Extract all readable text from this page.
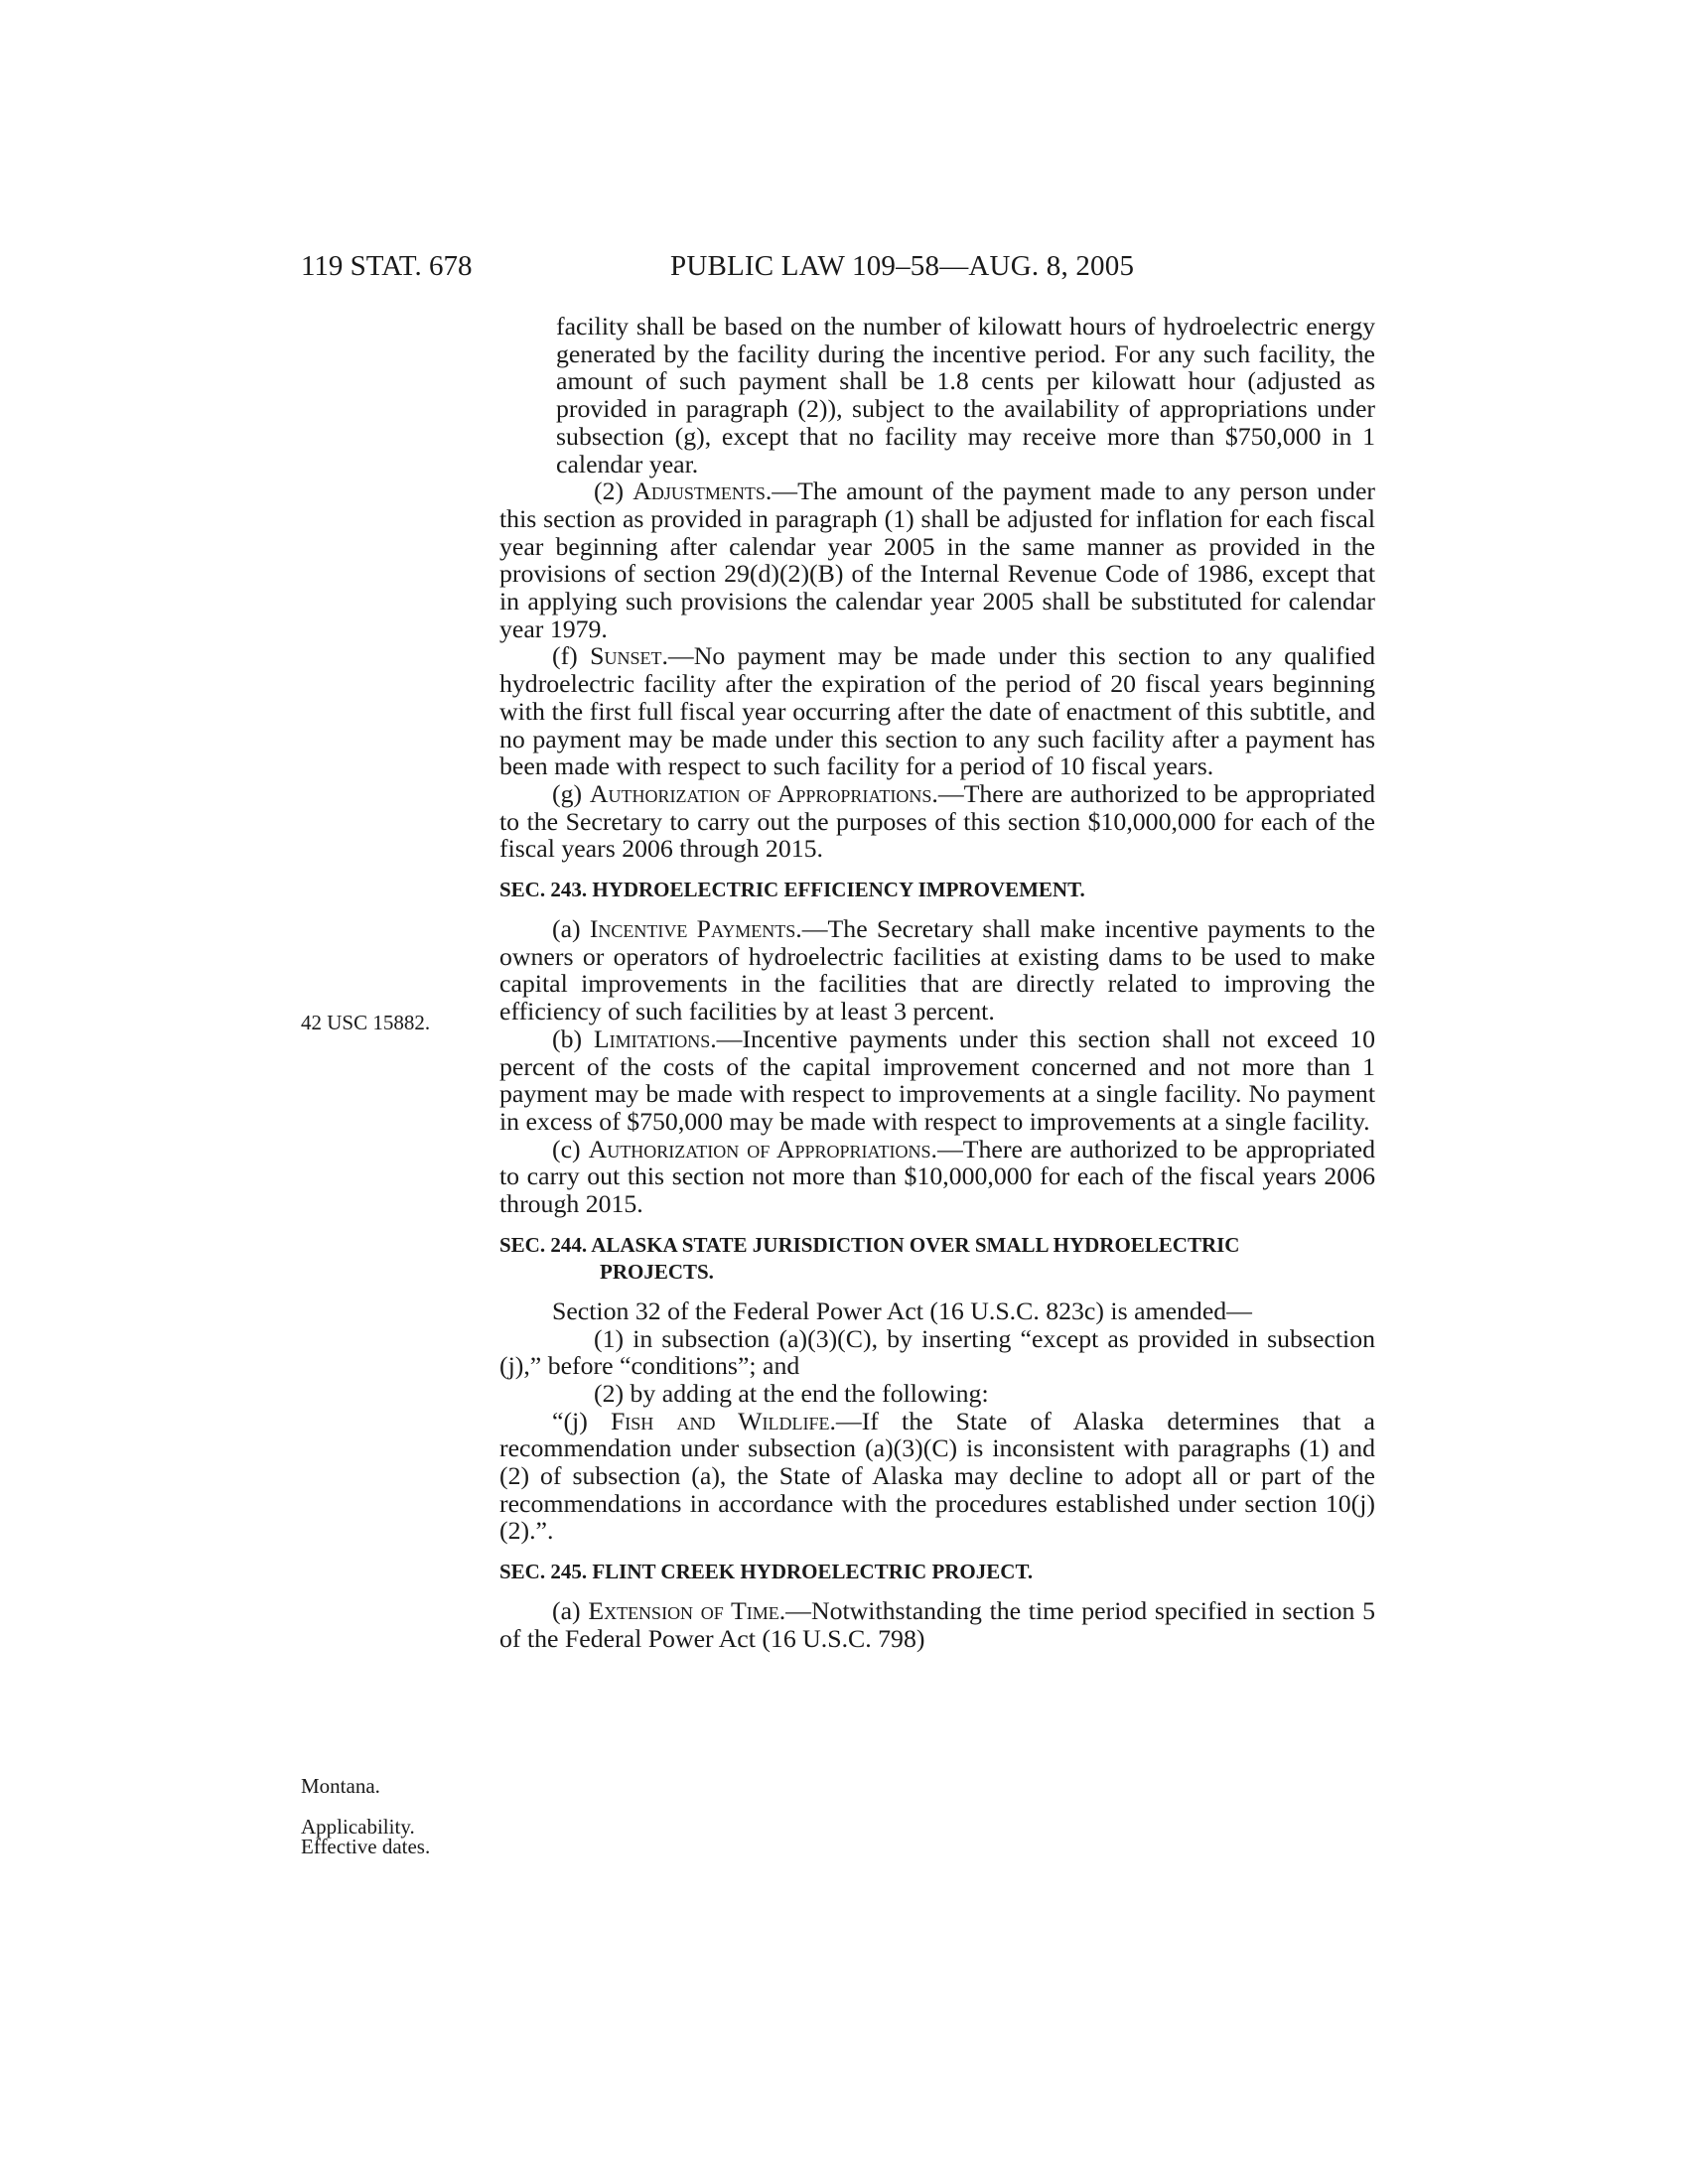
119 STAT. 678	PUBLIC LAW 109–58—AUG. 8, 2005
42 USC 15882.
Montana.
Applicability.
Effective dates.

facility shall be based on the number of kilowatt hours of hydroelectric energy generated by the facility during the incentive period. For any such facility, the amount of such payment shall be 1.8 cents per kilowatt hour (adjusted as provided in paragraph (2)), subject to the availability of appropriations under subsection (g), except that no facility may receive more than $750,000 in 1 calendar year.

(2) Adjustments.—The amount of the payment made to any person under this section as provided in paragraph (1) shall be adjusted for inflation for each fiscal year beginning after calendar year 2005 in the same manner as provided in the provisions of section 29(d)(2)(B) of the Internal Revenue Code of 1986, except that in applying such provisions the calendar year 2005 shall be substituted for calendar year 1979.

(f) Sunset.—No payment may be made under this section to any qualified hydroelectric facility after the expiration of the period of 20 fiscal years beginning with the first full fiscal year occurring after the date of enactment of this subtitle, and no payment may be made under this section to any such facility after a payment has been made with respect to such facility for a period of 10 fiscal years.

(g) Authorization of Appropriations.—There are authorized to be appropriated to the Secretary to carry out the purposes of this section $10,000,000 for each of the fiscal years 2006 through 2015.

SEC. 243. HYDROELECTRIC EFFICIENCY IMPROVEMENT.

(a) Incentive Payments.—The Secretary shall make incentive payments to the owners or operators of hydroelectric facilities at existing dams to be used to make capital improvements in the facilities that are directly related to improving the efficiency of such facilities by at least 3 percent.

(b) Limitations.—Incentive payments under this section shall not exceed 10 percent of the costs of the capital improvement concerned and not more than 1 payment may be made with respect to improvements at a single facility. No payment in excess of $750,000 may be made with respect to improvements at a single facility.

(c) Authorization of Appropriations.—There are authorized to be appropriated to carry out this section not more than $10,000,000 for each of the fiscal years 2006 through 2015.

SEC. 244. ALASKA STATE JURISDICTION OVER SMALL HYDROELECTRIC
PROJECTS.

Section 32 of the Federal Power Act (16 U.S.C. 823c) is amended—

(1) in subsection (a)(3)(C), by inserting “except as provided in subsection (j),” before “conditions”; and

(2) by adding at the end the following:

“(j) Fish and Wildlife.—If the State of Alaska determines that a recommendation under subsection (a)(3)(C) is inconsistent with paragraphs (1) and (2) of subsection (a), the State of Alaska may decline to adopt all or part of the recommendations in accordance with the procedures established under section 10(j)(2).”.

SEC. 245. FLINT CREEK HYDROELECTRIC PROJECT.

(a) Extension of Time.—Notwithstanding the time period specified in section 5 of the Federal Power Act (16 U.S.C. 798)
